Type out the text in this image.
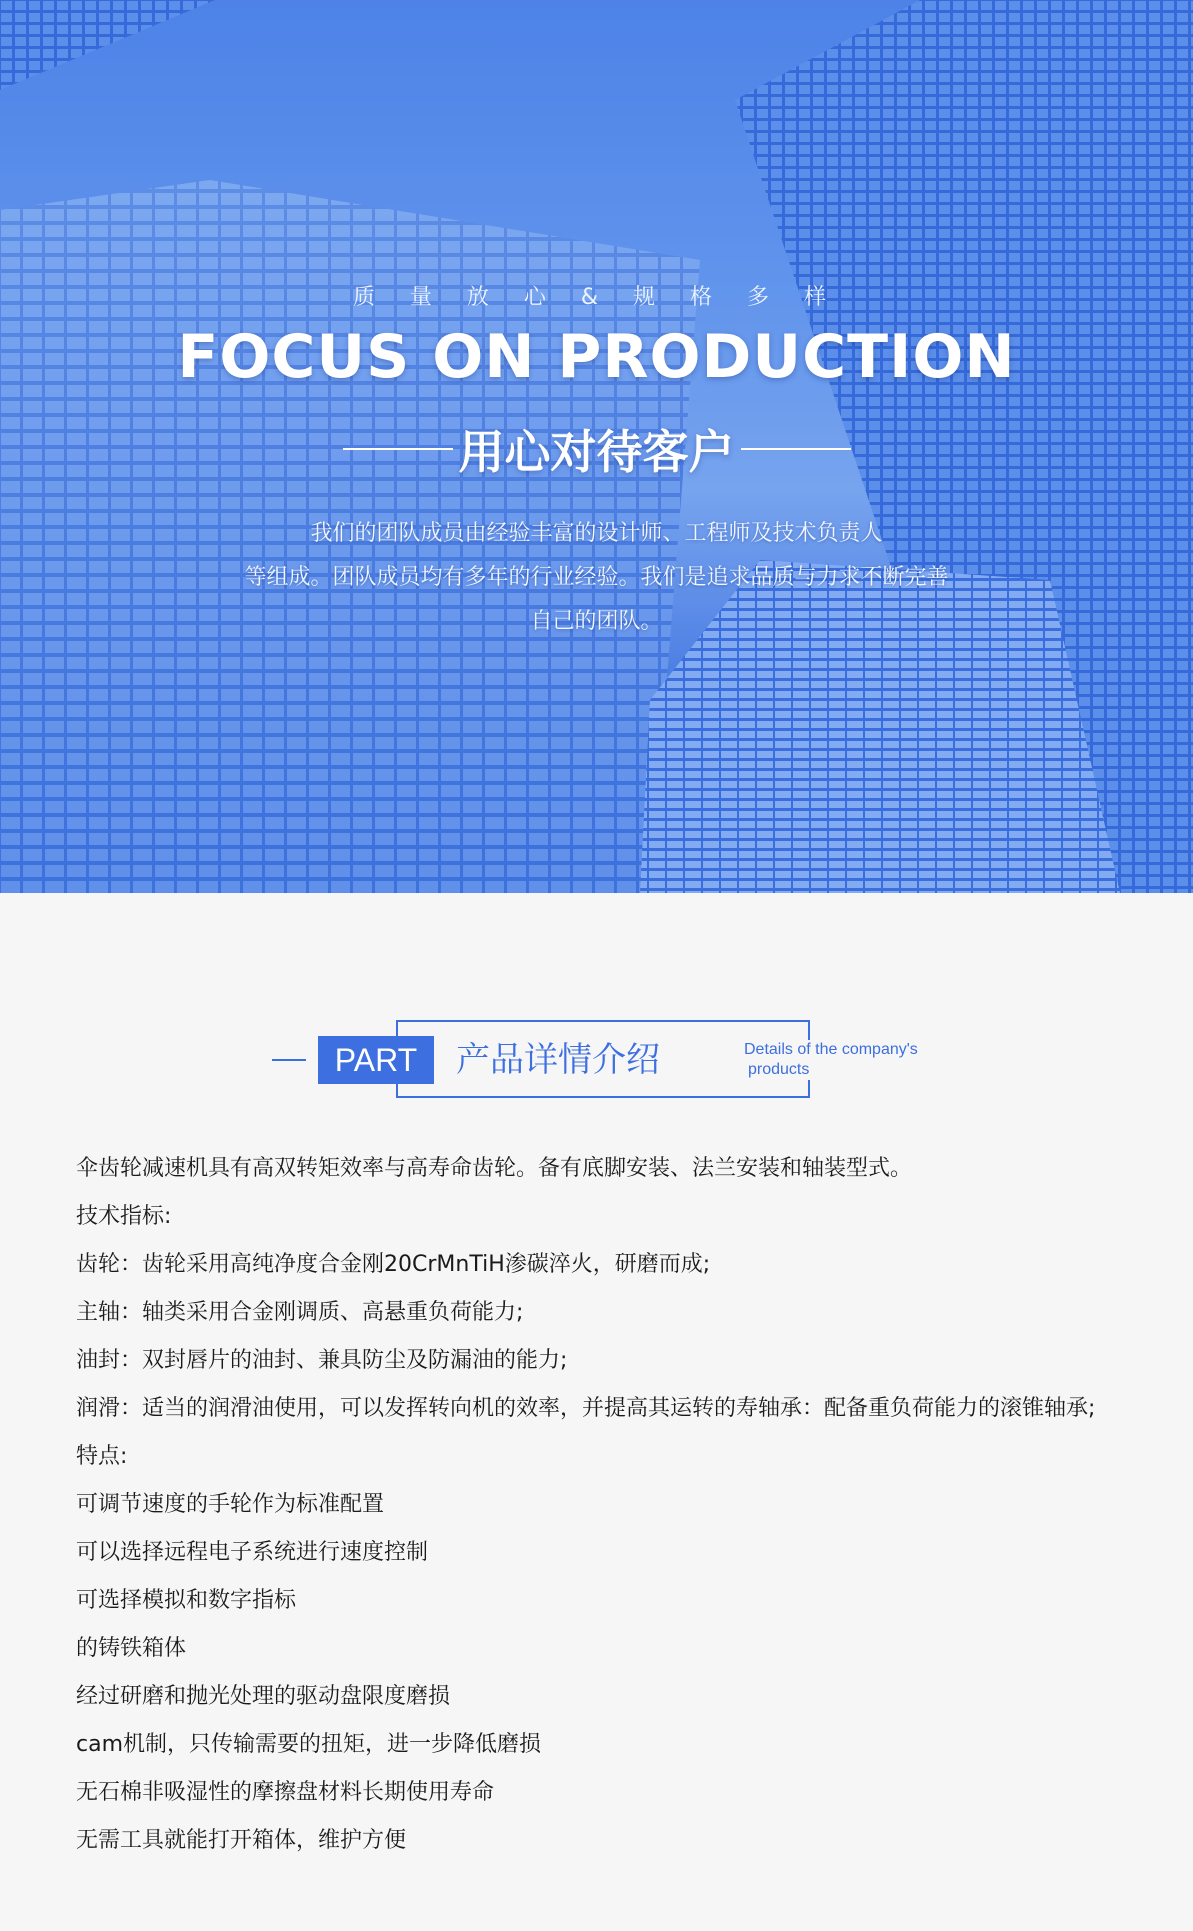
质 量 放 心 & 规 格 多 样
FOCUS ON PRODUCTION
用心对待客户
我们的团队成员由经验丰富的设计师、工程师及技术负责人
等组成。团队成员均有多年的行业经验。我们是追求品质与力求不断完善
自己的团队。
PART	产品详情介绍	Details of the company's
products

伞齿轮减速机具有高双转矩效率与高寿命齿轮。备有底脚安装、法兰安装和轴装型式。

技术指标:

齿轮：齿轮采用高纯净度合金刚20CrMnTiH渗碳淬火，研磨而成;

主轴：轴类采用合金刚调质、高悬重负荷能力;

油封：双封唇片的油封、兼具防尘及防漏油的能力;

润滑：适当的润滑油使用，可以发挥转向机的效率，并提高其运转的寿轴承：配备重负荷能力的滚锥轴承;

特点:

可调节速度的手轮作为标准配置

可以选择远程电子系统进行速度控制

可选择模拟和数字指标

的铸铁箱体

经过研磨和抛光处理的驱动盘限度磨损

cam机制，只传输需要的扭矩，进一步降低磨损

无石棉非吸湿性的摩擦盘材料长期使用寿命

无需工具就能打开箱体，维护方便
